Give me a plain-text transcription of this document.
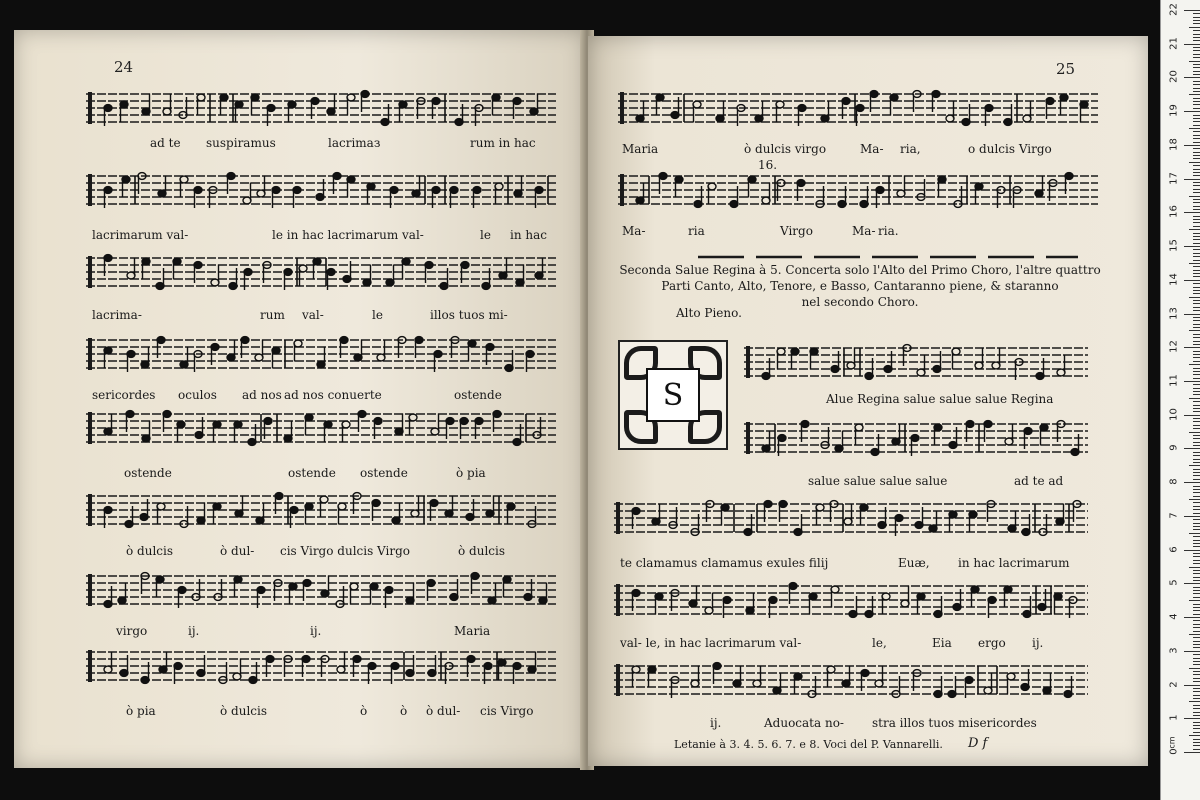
24
ad te suspiramus	lacrimaз	rum in hac
lacrimarum val-	le in hac lacrimarum val-	le in hac
lacrima-	rum val-	le	illos tuos mi-
sericordes oculos ad nos ad nos conuerte	ostende
ostende	ostende ostende	ò pia
ò dulcis	ò dul- cis Virgo dulcis Virgo	ò dulcis
virgo	ij.	ij.	Maria
ò pia	ò dulcis	ò	ò ò dul- cis Virgo
25
Maria	ò dulcis virgo	Ma- ria,	o dulcis Virgo
16.
Ma-	ria	Virgo	Ma- ria.
Seconda Salue Regina à 5. Concerta solo l'Alto del Primo Choro, l'altre quattro
Parti Canto, Alto, Tenore, e Basso, Cantaranno piene, & staranno
nel secondo Choro.
Alto Pieno.
S	Alue Regina salue salue salue Regina
salue salue salue salue	ad te ad
te clamamus clamamus exules filij	Euæ, in hac lacrimarum
val- le, in hac lacrimarum val-	le,	Eia ergo ij.
ij.	Aduocata no- stra illos tuos misericordes
Letanie à 3. 4. 5. 6. 7. e 8. Voci del P. Vannarelli. D f
22
21
20
19
18
17
16
15
14
13
12
11
10
9
8
7
6
5
4
3
2
1
0
cm
